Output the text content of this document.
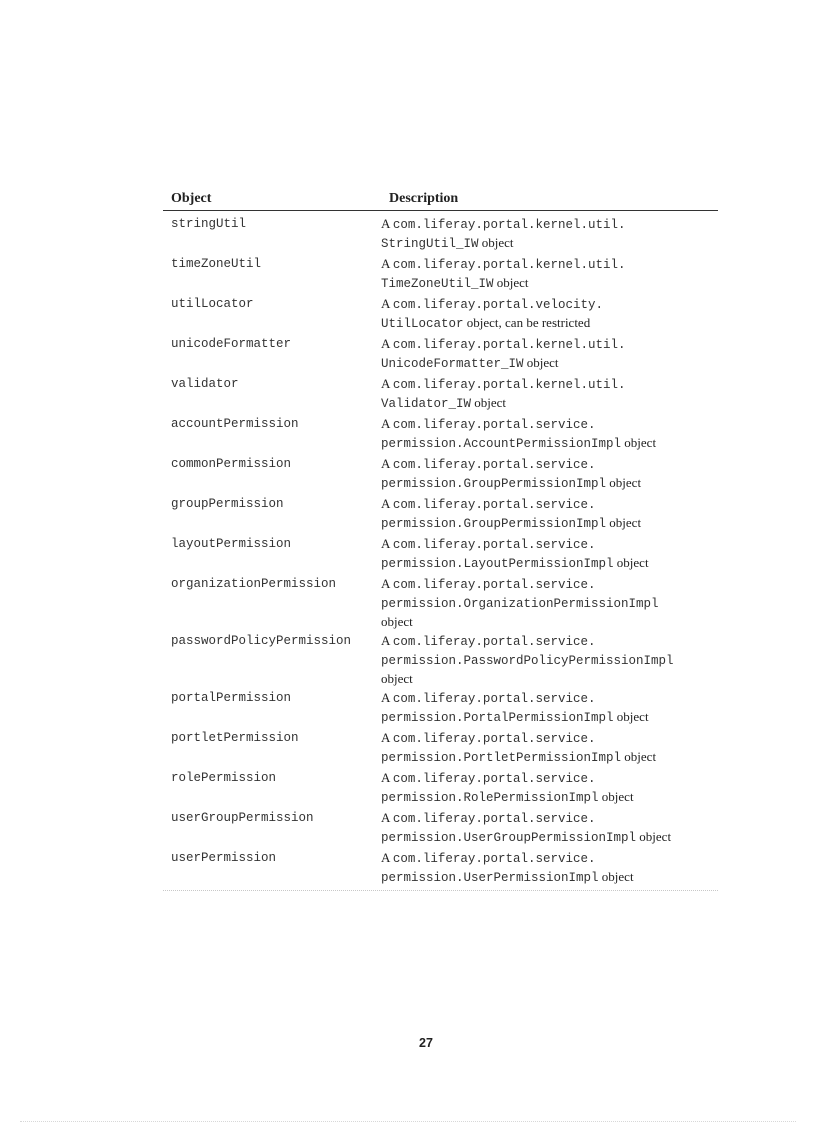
Object	Description
stringUtil	A com.liferay.portal.kernel.util.
StringUtil_IW object
timeZoneUtil	A com.liferay.portal.kernel.util.
TimeZoneUtil_IW object
utilLocator	A com.liferay.portal.velocity.
UtilLocator object, can be restricted
unicodeFormatter	A com.liferay.portal.kernel.util.
UnicodeFormatter_IW object
validator	A com.liferay.portal.kernel.util.
Validator_IW object
accountPermission	A com.liferay.portal.service.
permission.AccountPermissionImpl object
commonPermission	A com.liferay.portal.service.
permission.GroupPermissionImpl object
groupPermission	A com.liferay.portal.service.
permission.GroupPermissionImpl object
layoutPermission	A com.liferay.portal.service.
permission.LayoutPermissionImpl object
organizationPermission	A com.liferay.portal.service.
permission.OrganizationPermissionImpl
object
passwordPolicyPermission	A com.liferay.portal.service.
permission.PasswordPolicyPermissionImpl
object
portalPermission	A com.liferay.portal.service.
permission.PortalPermissionImpl object
portletPermission	A com.liferay.portal.service.
permission.PortletPermissionImpl object
rolePermission	A com.liferay.portal.service.
permission.RolePermissionImpl object
userGroupPermission	A com.liferay.portal.service.
permission.UserGroupPermissionImpl object
userPermission	A com.liferay.portal.service.
permission.UserPermissionImpl object
27
